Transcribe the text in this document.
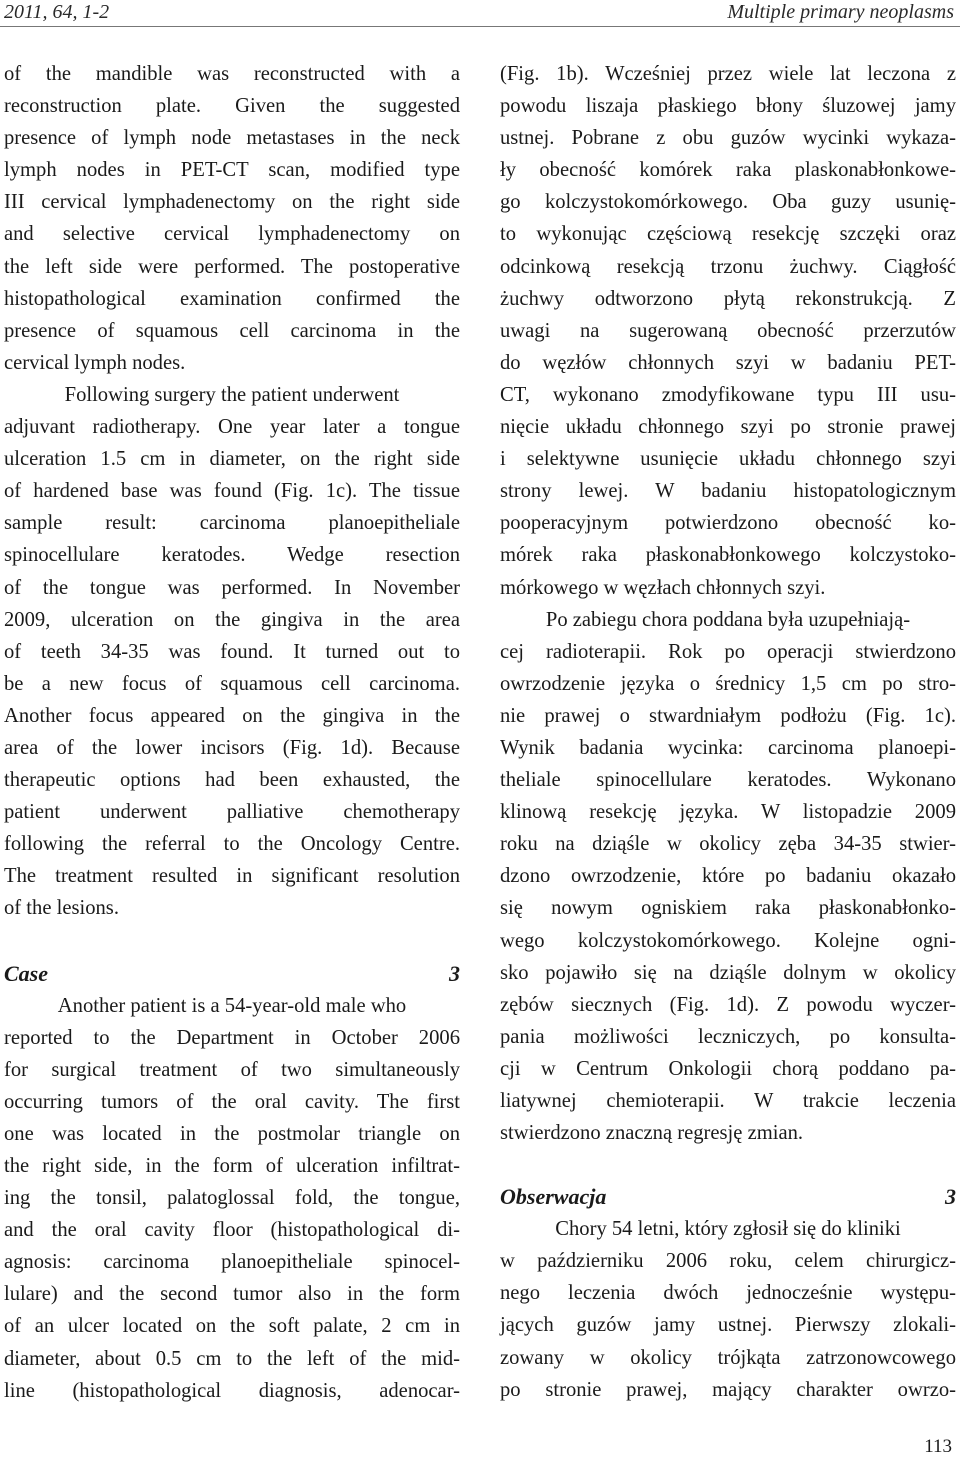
2011, 64, 1-2	Multiple primary neoplasms

of the mandible was reconstructed with a

reconstruction plate. Given the suggested

presence of lymph node metastases in the neck

lymph nodes in PET-CT scan, modified type

III cervical lymphadenectomy on the right side

and selective cervical lymphadenectomy on

the left side were performed. The postoperative

histopathological examination confirmed the

presence of squamous cell carcinoma in the

cervical lymph nodes.

Following surgery the patient underwent

adjuvant radiotherapy. One year later a tongue

ulceration 1.5 cm in diameter, on the right side

of hardened base was found (Fig. 1c). The tissue

sample result: carcinoma planoepitheliale

spinocellulare keratodes. Wedge resection

of the tongue was performed. In November

2009, ulceration on the gingiva in the area

of teeth 34-35 was found. It turned out to

be a new focus of squamous cell carcinoma.

Another focus appeared on the gingiva in the

area of the lower incisors (Fig. 1d). Because

therapeutic options had been exhausted, the

patient underwent palliative chemotherapy

following the referral to the Oncology Centre.

The treatment resulted in significant resolution

of the lesions.

Case 3

Another patient is a 54-year-old male who

reported to the Department in October 2006

for surgical treatment of two simultaneously

occurring tumors of the oral cavity. The first

one was located in the postmolar triangle on

the right side, in the form of ulceration infiltrat-

ing the tonsil, palatoglossal fold, the tongue,

and the oral cavity floor (histopathological di-

agnosis: carcinoma planoepitheliale spinocel-

lulare) and the second tumor also in the form

of an ulcer located on the soft palate, 2 cm in

diameter, about 0.5 cm to the left of the mid-

line (histopathological diagnosis, adenocar-

(Fig. 1b). Wcześniej przez wiele lat leczona z

powodu liszaja płaskiego błony śluzowej jamy

ustnej. Pobrane z obu guzów wycinki wykaza-

ły obecność komórek raka plaskonabłonkowe-

go kolczystokomórkowego. Oba guzy usunię-

to wykonując częściową resekcję szczęki oraz

odcinkową resekcją trzonu żuchwy. Ciągłość

żuchwy odtworzono płytą rekonstrukcją. Z

uwagi na sugerowaną obecność przerzutów

do węzłów chłonnych szyi w badaniu PET-

CT, wykonano zmodyfikowane typu III usu-

nięcie układu chłonnego szyi po stronie prawej

i selektywne usunięcie układu chłonnego szyi

strony lewej. W badaniu histopatologicznym

pooperacyjnym potwierdzono obecność ko-

mórek raka płaskonabłonkowego kolczystoko-

mórkowego w węzłach chłonnych szyi.

Po zabiegu chora poddana była uzupełniają-

cej radioterapii. Rok po operacji stwierdzono

owrzodzenie języka o średnicy 1,5 cm po stro-

nie prawej o stwardniałym podłożu (Fig. 1c).

Wynik badania wycinka: carcinoma planoepi-

theliale spinocellulare keratodes. Wykonano

klinową resekcję języka. W listopadzie 2009

roku na dziąśle w okolicy zęba 34-35 stwier-

dzono owrzodzenie, które po badaniu okazało

się nowym ogniskiem raka płaskonabłonko-

wego kolczystokomórkowego. Kolejne ogni-

sko pojawiło się na dziąśle dolnym w okolicy

zębów siecznych (Fig. 1d). Z powodu wyczer-

pania możliwości leczniczych, po konsulta-

cji w Centrum Onkologii chorą poddano pa-

liatywnej chemioterapii. W trakcie leczenia

stwierdzono znaczną regresję zmian.

Obserwacja 3

Chory 54 letni, który zgłosił się do kliniki

w październiku 2006 roku, celem chirurgicz-

nego leczenia dwóch jednocześnie występu-

jących guzów jamy ustnej. Pierwszy zlokali-

zowany w okolicy trójkąta zatrzonowcowego

po stronie prawej, mający charakter owrzo-

113
